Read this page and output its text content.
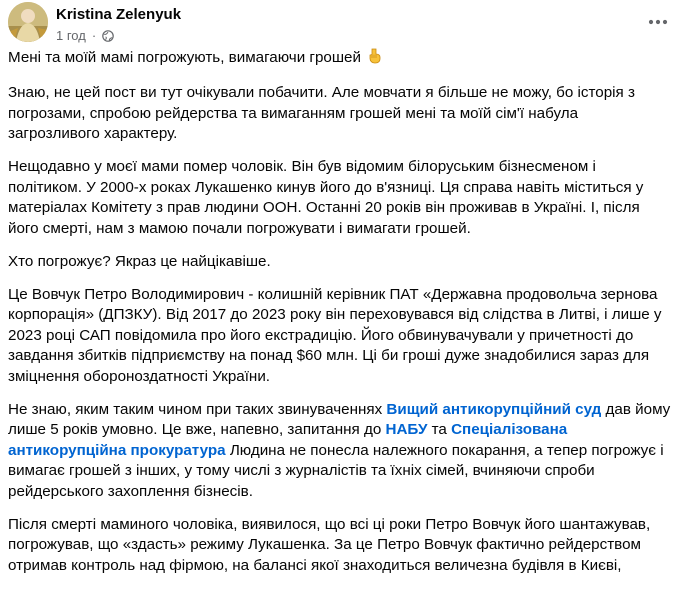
Kristina Zelenyuk
1 год ·

Мені та моїй мамі погрожують, вимагаючи грошей

Знаю, не цей пост ви тут очікували побачити. Але мовчати я більше не можу, бо історія з погрозами, спробою рейдерства та вимаганням грошей мені та моїй сім'ї набула загрозливого характеру.

Нещодавно у моєї мами помер чоловік. Він був відомим білоруським бізнесменом і політиком. У 2000-х роках Лукашенко кинув його до в'язниці. Ця справа навіть міститься у матеріалах Комітету з прав людини ООН. Останні 20 років він проживав в Україні. І, після його смерті, нам з мамою почали погрожувати і вимагати грошей.

Хто погрожує? Якраз це найцікавіше.

Це Вовчук Петро Володимирович - колишній керівник ПАТ «Державна продовольча зернова корпорація» (ДПЗКУ). Від 2017 до 2023 року він переховувався від слідства в Литві, і лише у 2023 році САП повідомила про його екстрадицію. Його обвинувачували у причетності до завдання збитків підприємству на понад $60 млн. Ці би гроші дуже знадобилися зараз для зміцнення обороноздатності України.

Не знаю, яким таким чином при таких звинуваченнях Вищий антикорупційний суд дав йому лише 5 років умовно. Це вже, напевно, запитання до НАБУ та Спеціалізована антикорупційна прокуратура Людина не понесла належного покарання, а тепер погрожує і вимагає грошей з інших, у тому числі з журналістів та їхніх сімей, вчиняючи спроби рейдерського захоплення бізнесів.

Після смерті маминого чоловіка, виявилося, що всі ці роки Петро Вовчук його шантажував, погрожував, що «здасть» режиму Лукашенка. За це Петро Вовчук фактично рейдерством отримав контроль над фірмою, на балансі якої знаходиться величезна будівля в Києві,
